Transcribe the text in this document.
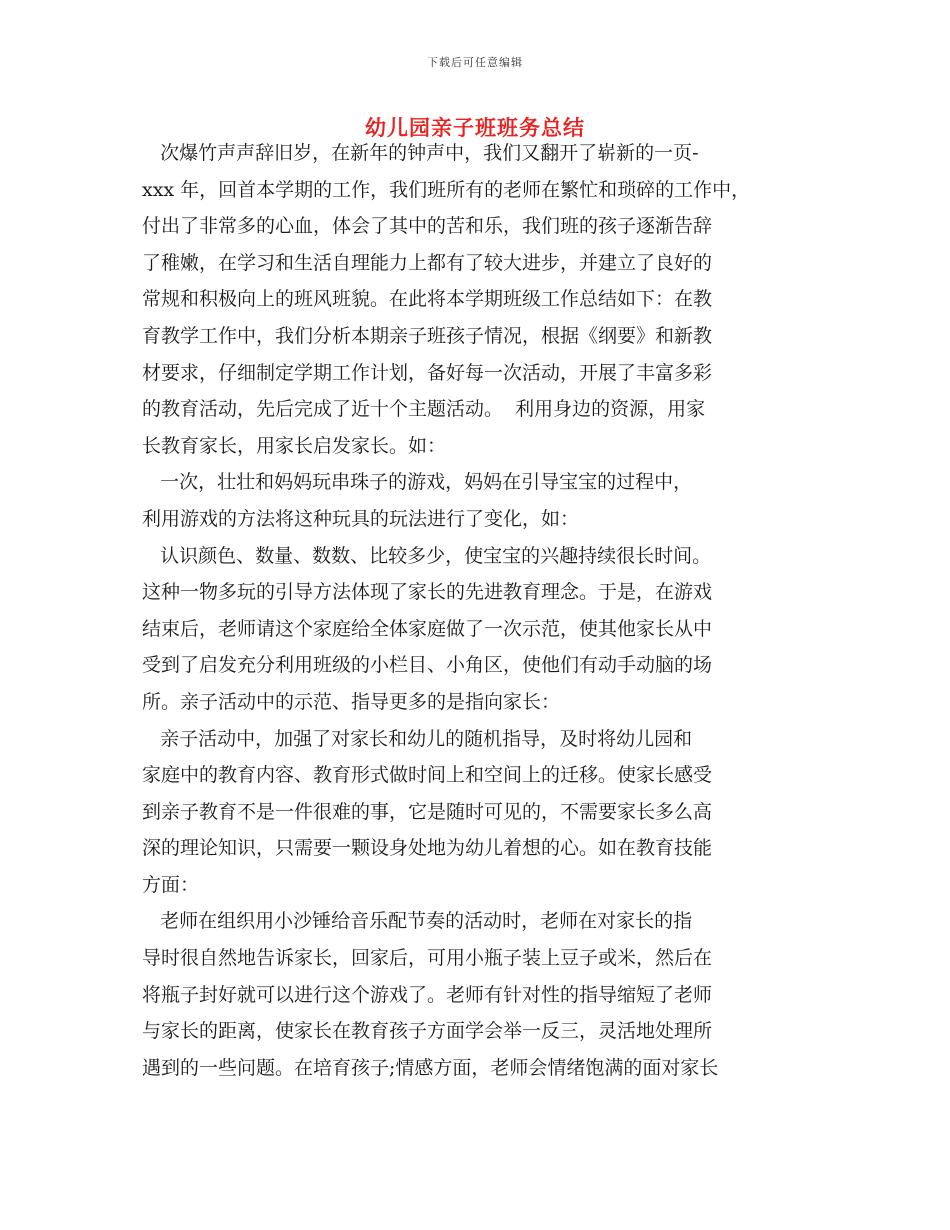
下载后可任意编辑
幼儿园亲子班班务总结
次爆竹声声辞旧岁，在新年的钟声中，我们又翻开了崭新的一页-
xxx 年，回首本学期的工作，我们班所有的老师在繁忙和琐碎的工作中，
付出了非常多的心血，体会了其中的苦和乐，我们班的孩子逐渐告辞
了稚嫩，在学习和生活自理能力上都有了较大进步，并建立了良好的
常规和积极向上的班风班貌。在此将本学期班级工作总结如下：在教
育教学工作中，我们分析本期亲子班孩子情况，根据《纲要》和新教
材要求，仔细制定学期工作计划，备好每一次活动，开展了丰富多彩
的教育活动，先后完成了近十个主题活动。  利用身边的资源，用家
长教育家长，用家长启发家长。如：
一次，壮壮和妈妈玩串珠子的游戏，妈妈在引导宝宝的过程中，
利用游戏的方法将这种玩具的玩法进行了变化，如：
认识颜色、数量、数数、比较多少，使宝宝的兴趣持续很长时间。
这种一物多玩的引导方法体现了家长的先进教育理念。于是，在游戏
结束后，老师请这个家庭给全体家庭做了一次示范，使其他家长从中
受到了启发充分利用班级的小栏目、小角区，使他们有动手动脑的场
所。亲子活动中的示范、指导更多的是指向家长：
亲子活动中，加强了对家长和幼儿的随机指导，及时将幼儿园和
家庭中的教育内容、教育形式做时间上和空间上的迁移。使家长感受
到亲子教育不是一件很难的事，它是随时可见的，不需要家长多么高
深的理论知识，只需要一颗设身处地为幼儿着想的心。如在教育技能
方面：
老师在组织用小沙锤给音乐配节奏的活动时，老师在对家长的指
导时很自然地告诉家长，回家后，可用小瓶子装上豆子或米，然后在
将瓶子封好就可以进行这个游戏了。老师有针对性的指导缩短了老师
与家长的距离，使家长在教育孩子方面学会举一反三，灵活地处理所
遇到的一些问题。在培育孩子;情感方面，老师会情绪饱满的面对家长
